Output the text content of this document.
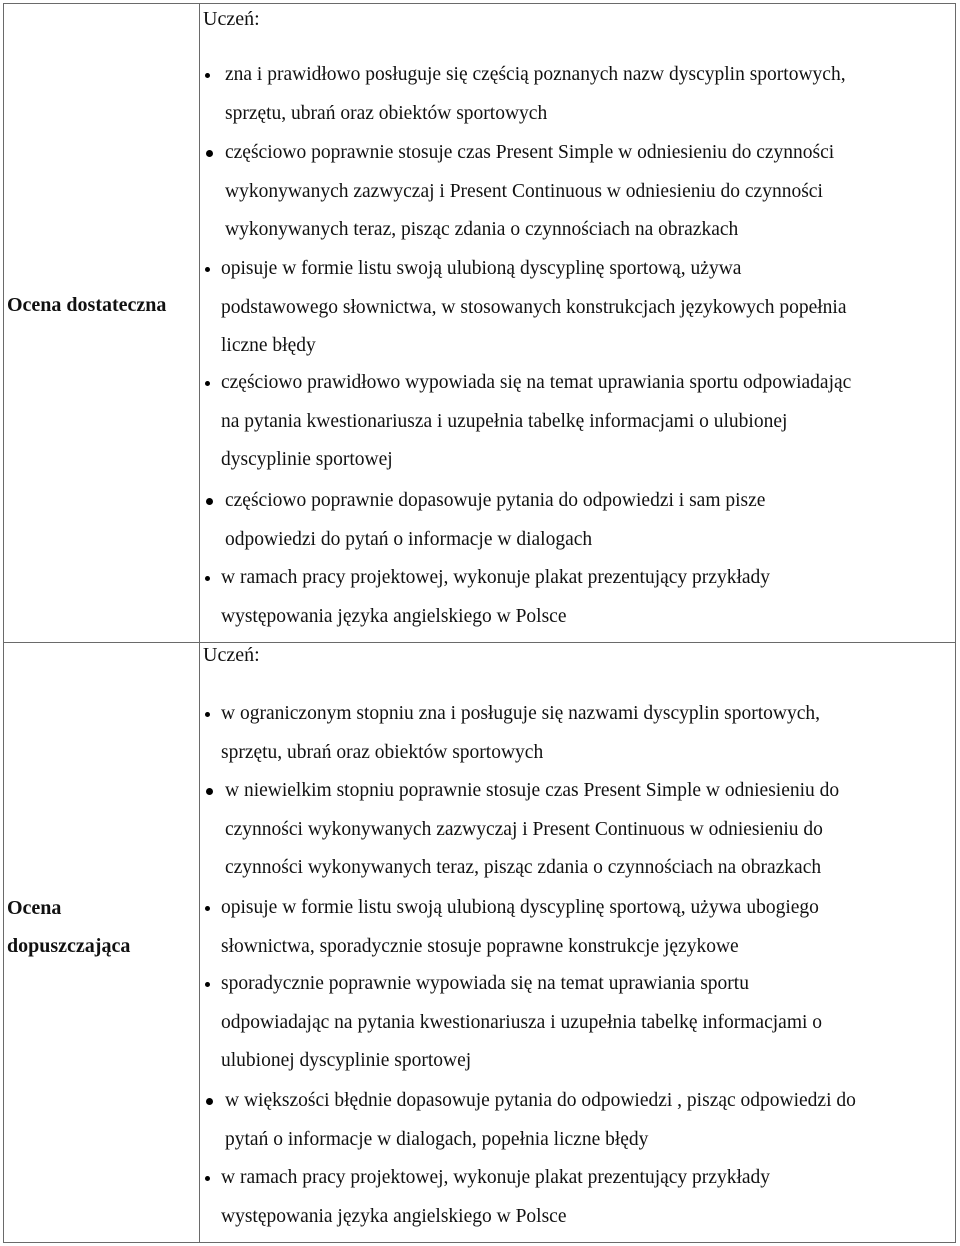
Ocena dostateczna
Ocena
dopuszczająca
Uczeń:
Uczeń:
zna i prawidłowo posługuje się częścią poznanych nazw dyscyplin sportowych,
sprzętu, ubrań oraz obiektów sportowych
częściowo poprawnie stosuje czas Present Simple w odniesieniu do czynności
wykonywanych zazwyczaj i Present Continuous w odniesieniu do czynności
wykonywanych teraz, pisząc zdania o czynnościach na obrazkach
opisuje w formie listu swoją ulubioną dyscyplinę sportową, używa
podstawowego słownictwa, w stosowanych konstrukcjach językowych popełnia
liczne błędy
częściowo prawidłowo wypowiada się na temat uprawiania sportu odpowiadając
na pytania kwestionariusza i uzupełnia tabelkę informacjami o ulubionej
dyscyplinie sportowej
częściowo poprawnie dopasowuje pytania do odpowiedzi i sam pisze
odpowiedzi do pytań o informacje w dialogach
w ramach pracy projektowej, wykonuje plakat prezentujący przykłady
występowania języka angielskiego w Polsce
w ograniczonym stopniu zna i posługuje się nazwami dyscyplin sportowych,
sprzętu, ubrań oraz obiektów sportowych
w niewielkim stopniu poprawnie stosuje czas Present Simple w odniesieniu do
czynności wykonywanych zazwyczaj i Present Continuous w odniesieniu do
czynności wykonywanych teraz, pisząc zdania o czynnościach na obrazkach
opisuje w formie listu swoją ulubioną dyscyplinę sportową, używa ubogiego
słownictwa, sporadycznie stosuje poprawne konstrukcje językowe
sporadycznie poprawnie wypowiada się na temat uprawiania sportu
odpowiadając na pytania kwestionariusza i uzupełnia tabelkę informacjami o
ulubionej dyscyplinie sportowej
w większości błędnie dopasowuje pytania do odpowiedzi , pisząc odpowiedzi do
pytań o informacje w dialogach, popełnia liczne błędy
w ramach pracy projektowej, wykonuje plakat prezentujący przykłady
występowania języka angielskiego w Polsce
